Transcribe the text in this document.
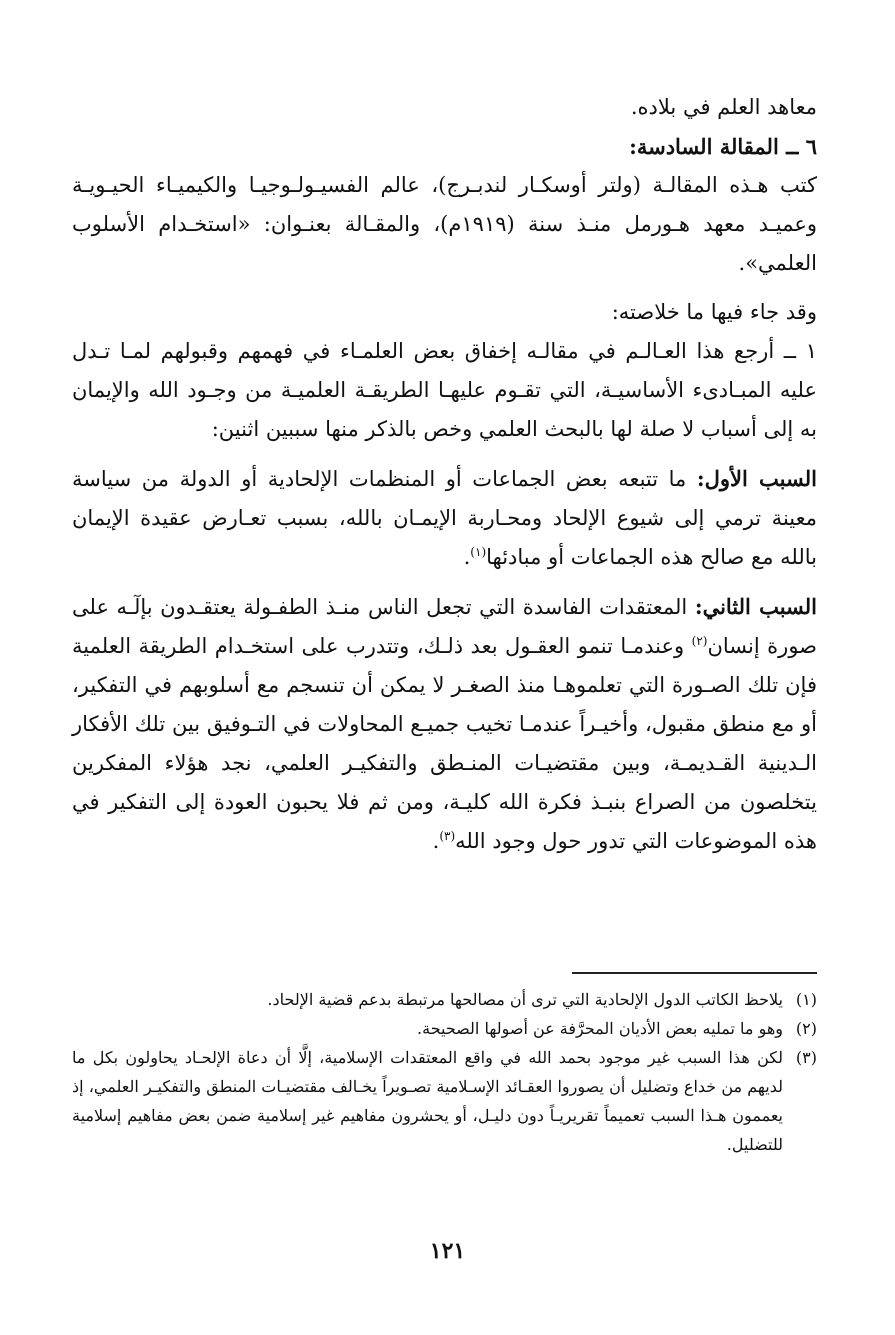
معاهد العلم في بلاده.

٦ ــ المقالة السادسة:

كتب هـذه المقالـة (ولتر أوسكـار لندبـرج)، عالم الفسيـولـوجيـا والكيميـاء الحيـويـة وعميـد معهد هـورمل منـذ سنة (١٩١٩م)، والمقـالة بعنـوان: «استخـدام الأسلوب العلمي».

وقد جاء فيها ما خلاصته:

١ ــ أرجع هذا العـالـم في مقالـه إخفاق بعض العلمـاء في فهمهم وقبولهم لمـا تـدل عليه المبـادىء الأساسيـة، التي تقـوم عليهـا الطريقـة العلميـة من وجـود الله والإيمان به إلى أسباب لا صلة لها بالبحث العلمي وخص بالذكر منها سببين اثنين:

السبب الأول: ما تتبعه بعض الجماعات أو المنظمات الإلحادية أو الدولة من سياسة معينة ترمي إلى شيوع الإلحاد ومحـاربة الإيمـان بالله، بسبب تعـارض عقيدة الإيمان بالله مع صالح هذه الجماعات أو مبادئها$^{(١)}$.

السبب الثاني: المعتقدات الفاسدة التي تجعل الناس منـذ الطفـولة يعتقـدون بإلٓـه على صورة إنسان$^{(٢)}$ وعندمـا تنمو العقـول بعد ذلـك، وتتدرب على استخـدام الطريقة العلمية فإن تلك الصـورة التي تعلموهـا منذ الصغـر لا يمكن أن تنسجم مع أسلوبهم في التفكير، أو مع منطق مقبول، وأخيـراً عندمـا تخيب جميـع المحاولات في التـوفيق بين تلك الأفكار الـدينية القـديمـة، وبين مقتضيـات المنـطق والتفكيـر العلمي، نجد هؤلاء المفكرين يتخلصون من الصراع بنبـذ فكرة الله كليـة، ومن ثم فلا يحبون العودة إلى التفكير في هذه الموضوعات التي تدور حول وجود الله$^{(٣)}$.

(١)
يلاحظ الكاتب الدول الإلحادية التي ترى أن مصالحها مرتبطة بدعم قضية الإلحاد.
(٢)
وهو ما تمليه بعض الأديان المحرَّفة عن أصولها الصحيحة.
(٣)
لكن هذا السبب غير موجود بحمد الله في واقع المعتقدات الإسلامية، إلَّا أن دعاة الإلحـاد يحاولون بكل ما لديهم من خداع وتضليل أن يصوروا العقـائد الإسـلامية تصـويراً يخـالف مقتضيـات المنطق والتفكيـر العلمي، إذ يعممون هـذا السبب تعميماً تقريريـاً دون دليـل، أو يحشرون مفاهيم غير إسلامية ضمن بعض مفاهيم إسلامية للتضليل.
١٢١
